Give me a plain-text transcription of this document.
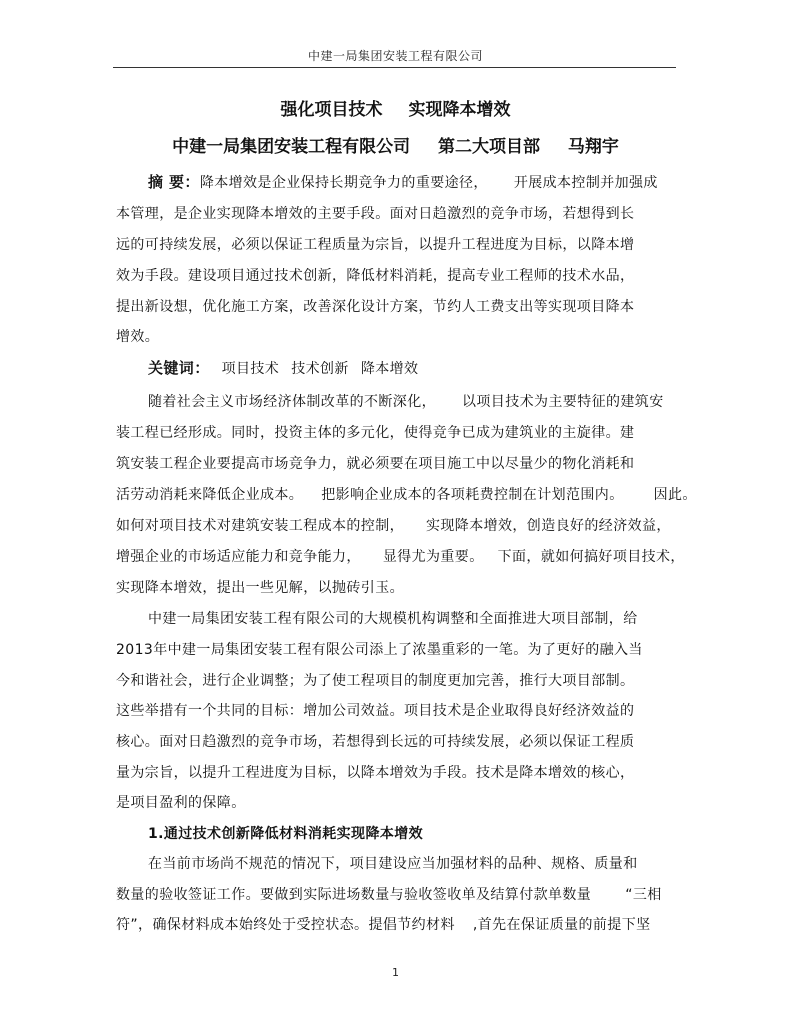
中建一局集团安装工程有限公司
强化项目技术 实现降本增效
中建一局集团安装工程有限公司 第二大项目部 马翔宇
摘 要：降本增效是企业保持长期竞争力的重要途径， 开展成本控制并加强成
本管理，是企业实现降本增效的主要手段。面对日趋激烈的竞争市场，若想得到长
远的可持续发展，必须以保证工程质量为宗旨，以提升工程进度为目标，以降本增
效为手段。建设项目通过技术创新，降低材料消耗，提高专业工程师的技术水品，
提出新设想，优化施工方案，改善深化设计方案，节约人工费支出等实现项目降本
增效。
关键词： 项目技术 技术创新 降本增效
随着社会主义市场经济体制改革的不断深化， 以项目技术为主要特征的建筑安
装工程已经形成。同时，投资主体的多元化，使得竞争已成为建筑业的主旋律。建
筑安装工程企业要提高市场竞争力，就必须要在项目施工中以尽量少的物化消耗和
活劳动消耗来降低企业成本。 把影响企业成本的各项耗费控制在计划范围内。 因此。
如何对项目技术对建筑安装工程成本的控制， 实现降本增效，创造良好的经济效益，
增强企业的市场适应能力和竞争能力， 显得尤为重要。 下面，就如何搞好项目技术，
实现降本增效，提出一些见解，以抛砖引玉。
中建一局集团安装工程有限公司的大规模机构调整和全面推进大项目部制，给
2013年中建一局集团安装工程有限公司添上了浓墨重彩的一笔。为了更好的融入当
今和谐社会，进行企业调整；为了使工程项目的制度更加完善，推行大项目部制。
这些举措有一个共同的目标：增加公司效益。项目技术是企业取得良好经济效益的
核心。面对日趋激烈的竞争市场，若想得到长远的可持续发展，必须以保证工程质
量为宗旨，以提升工程进度为目标，以降本增效为手段。技术是降本增效的核心，
是项目盈利的保障。
1.通过技术创新降低材料消耗实现降本增效
在当前市场尚不规范的情况下，项目建设应当加强材料的品种、规格、质量和
数量的验收签证工作。要做到实际进场数量与验收签收单及结算付款单数量 “三相
符”，确保材料成本始终处于受控状态。提倡节约材料 ,首先在保证质量的前提下坚
1
